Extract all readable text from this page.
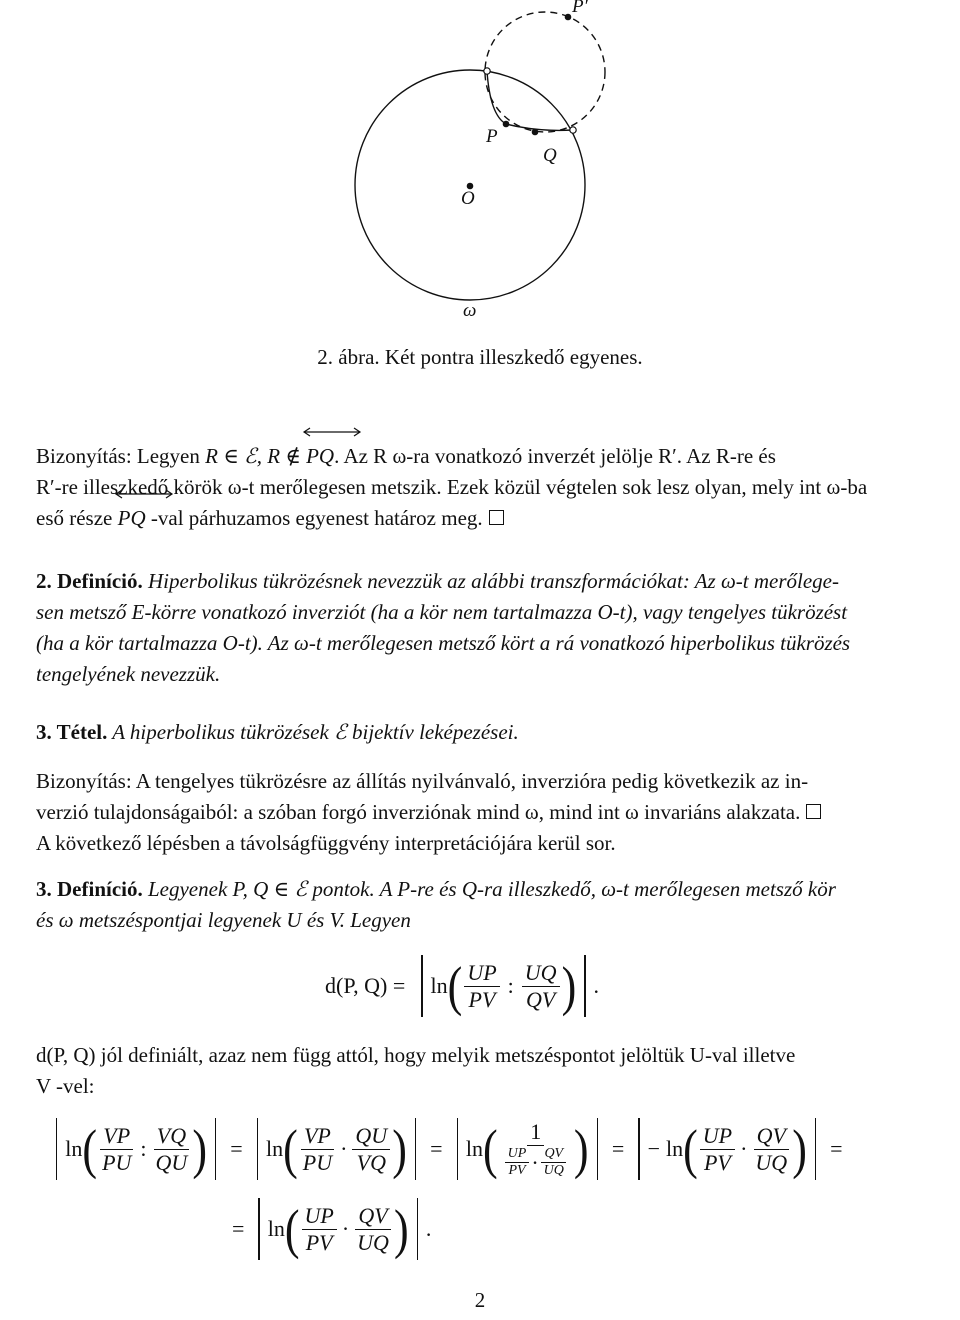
P′
P
Q
O
ω
2. ábra. Két pontra illeszkedő egyenes.
Bizonyítás: Legyen R ∈ ℰ, R ∉
PQ. Az R ω-ra vonatkozó inverzét jelölje R′. Az R-re és
R′-re illeszkedő körök ω-t merőlegesen metszik. Ezek közül végtelen sok lesz olyan, mely int ω-ba
eső része
PQ -val párhuzamos egyenest határoz meg.
2. Definíció. Hiperbolikus tükrözésnek nevezzük az alábbi transzformációkat: Az ω-t merőlege-
sen metsző E-körre vonatkozó inverziót (ha a kör nem tartalmazza O-t), vagy tengelyes tükrözést
(ha a kör tartalmazza O-t). Az ω-t merőlegesen metsző kört a rá vonatkozó hiperbolikus tükrözés
tengelyének nevezzük.
3. Tétel. A hiperbolikus tükrözések ℰ bijektív leképezései.
Bizonyítás: A tengelyes tükrözésre az állítás nyilvánvaló, inverzióra pedig következik az in-
verzió tulajdonságaiból: a szóban forgó inverziónak mind ω, mind int ω invariáns alakzata.
A következő lépésben a távolságfüggvény interpretációjára kerül sor.
3. Definíció. Legyenek P, Q ∈ ℰ pontok. A P-re és Q-ra illeszkedő, ω-t merőlegesen metsző kör
és ω metszéspontjai legyenek U és V. Legyen
d(P, Q) = ln ( $\frac{UP}{PV}$ : $\frac{UQ}{QV}$ ) .
d(P, Q) jól definiált, azaz nem függ attól, hogy melyik metszéspontot jelöltük U-val illetve
V -vel:
ln ( $\frac{VP}{PU}$ : $\frac{VQ}{QU}$ ) = ln ( $\frac{VP}{PU} \cdot \frac{QU}{VQ}$ ) = ln ( $\frac{1}{\frac{UP}{PV} \cdot \frac{QV}{UQ}}$ ) = − ln ( $\frac{UP}{PV} \cdot \frac{QV}{UQ}$ ) =
= ln ( $\frac{UP}{PV} \cdot \frac{QV}{UQ}$ ) .
2
